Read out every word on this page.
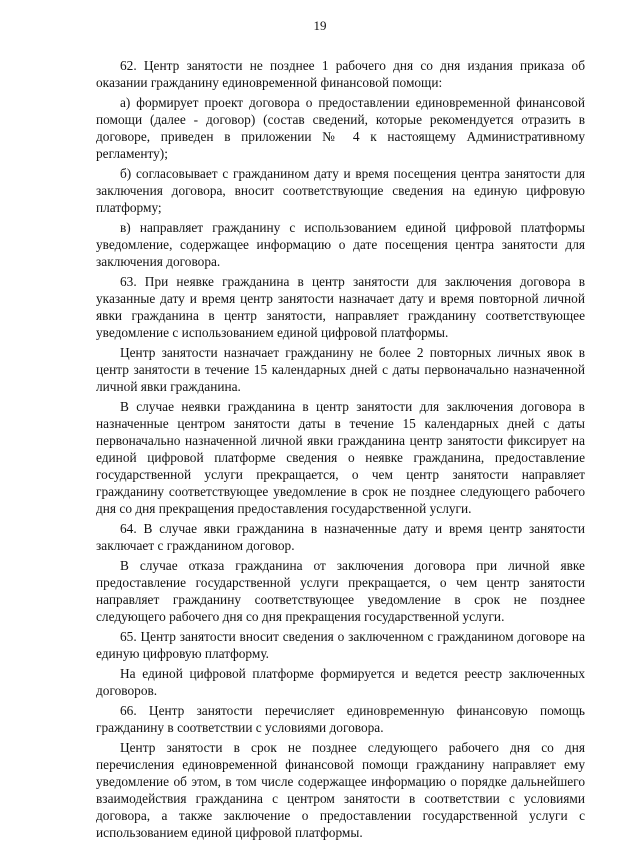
19

62. Центр занятости не позднее 1 рабочего дня со дня издания приказа об оказании гражданину единовременной финансовой помощи:

а) формирует проект договора о предоставлении единовременной финансовой помощи (далее - договор) (состав сведений, которые рекомендуется отразить в договоре, приведен в приложении № 4 к настоящему Административному регламенту);

б) согласовывает с гражданином дату и время посещения центра занятости для заключения договора, вносит соответствующие сведения на единую цифровую платформу;

в) направляет гражданину с использованием единой цифровой платформы уведомление, содержащее информацию о дате посещения центра занятости для заключения договора.

63. При неявке гражданина в центр занятости для заключения договора в указанные дату и время центр занятости назначает дату и время повторной личной явки гражданина в центр занятости, направляет гражданину соответствующее уведомление с использованием единой цифровой платформы.

Центр занятости назначает гражданину не более 2 повторных личных явок в центр занятости в течение 15 календарных дней с даты первоначально назначенной личной явки гражданина.

В случае неявки гражданина в центр занятости для заключения договора в назначенные центром занятости даты в течение 15 календарных дней с даты первоначально назначенной личной явки гражданина центр занятости фиксирует на единой цифровой платформе сведения о неявке гражданина, предоставление государственной услуги прекращается, о чем центр занятости направляет гражданину соответствующее уведомление в срок не позднее следующего рабочего дня со дня прекращения предоставления государственной услуги.

64. В случае явки гражданина в назначенные дату и время центр занятости заключает с гражданином договор.

В случае отказа гражданина от заключения договора при личной явке предоставление государственной услуги прекращается, о чем центр занятости направляет гражданину соответствующее уведомление в срок не позднее следующего рабочего дня со дня прекращения государственной услуги.

65. Центр занятости вносит сведения о заключенном с гражданином договоре на единую цифровую платформу.

На единой цифровой платформе формируется и ведется реестр заключенных договоров.

66. Центр занятости перечисляет единовременную финансовую помощь гражданину в соответствии с условиями договора.

Центр занятости в срок не позднее следующего рабочего дня со дня перечисления единовременной финансовой помощи гражданину направляет ему уведомление об этом, в том числе содержащее информацию о порядке дальнейшего взаимодействия гражданина с центром занятости в соответствии с условиями договора, а также заключение о предоставлении государственной услуги с использованием единой цифровой платформы.
